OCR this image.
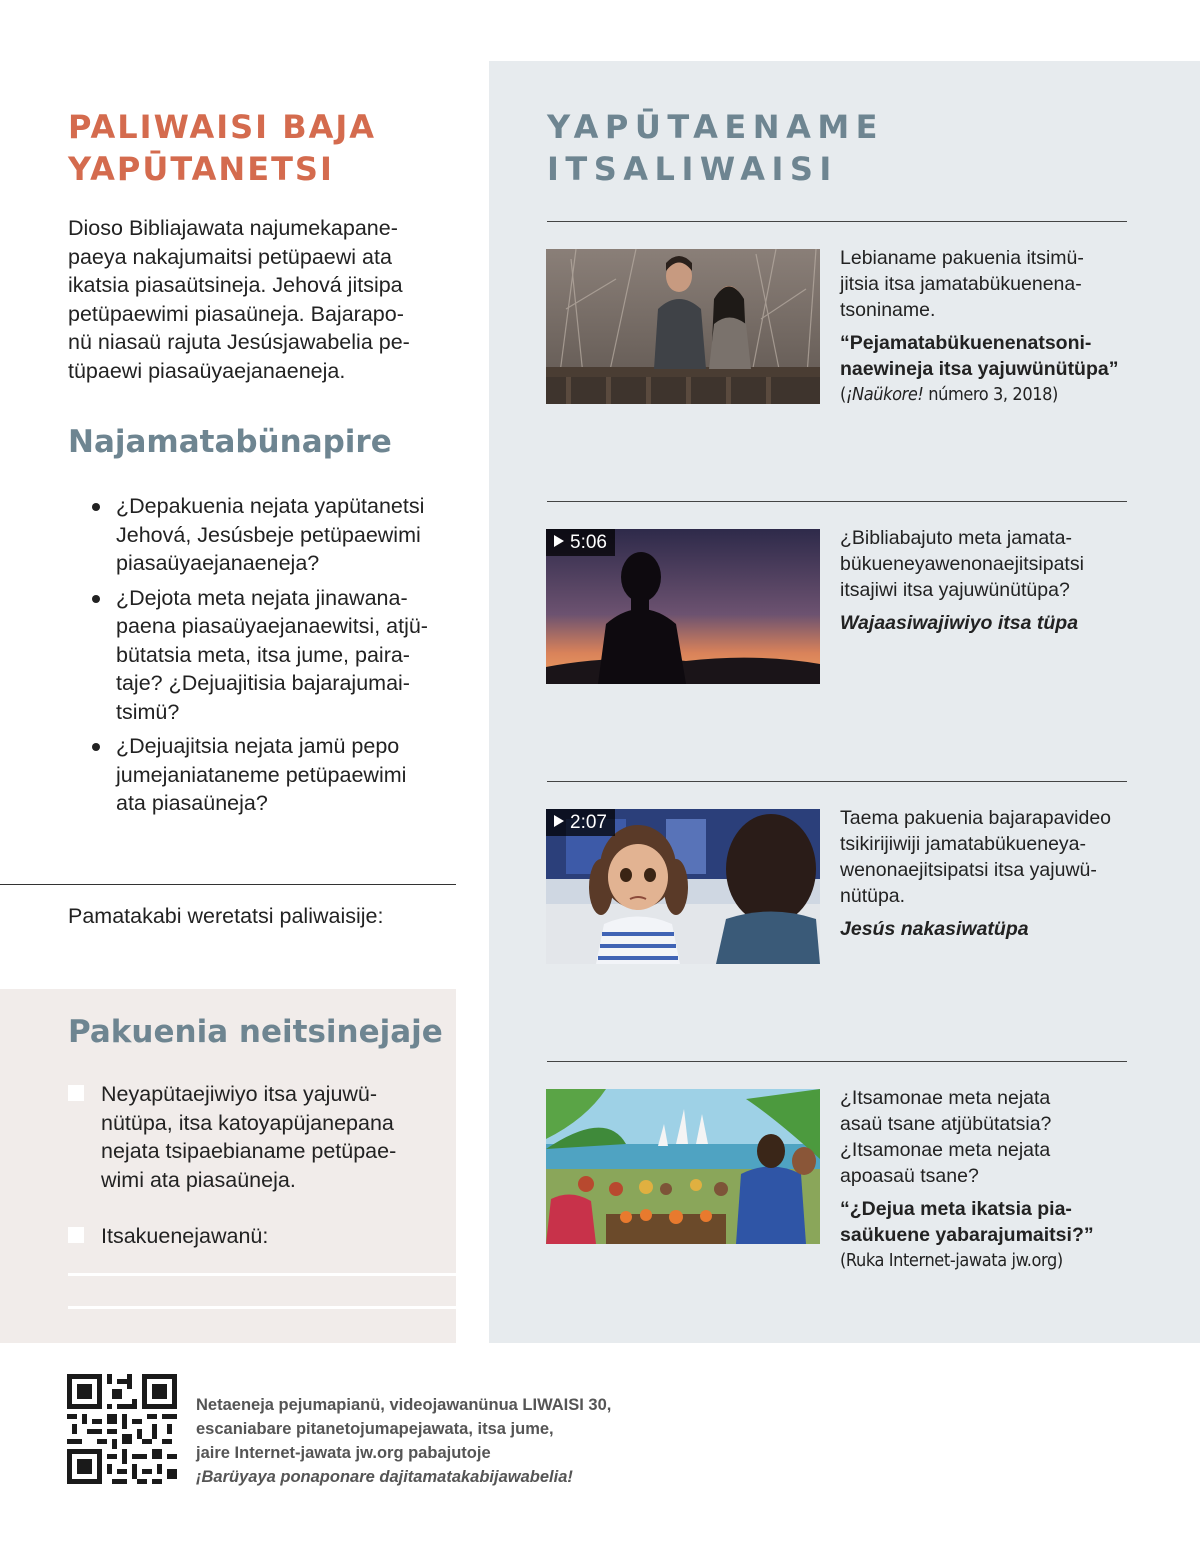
PALIWAISI BAJA
YAPŪTANETSI
Dioso Bibliajawata najumekapane-
paeya nakajumaitsi petüpaewi ata
ikatsia piasaütsineja. Jehová jitsipa
petüpaewimi piasaüneja. Bajarapo-
nü niasaü rajuta Jesúsjawabelia pe-
tüpaewi piasaüyaejanaeneja.
Najamatabünapire
¿Depakuenia nejata yapütanetsi
Jehová, Jesúsbeje petüpaewimi
piasaüyaejanaeneja?
¿Dejota meta nejata jinawana-
paena piasaüyaejanaewitsi, atjü-
bütatsia meta, itsa jume, paira-
taje? ¿Dejuajitisia bajarajumai-
tsimü?
¿Dejuajitsia nejata jamü pepo
jumejaniataneme petüpaewimi
ata piasaüneja?
Pamatakabi weretatsi paliwaisije:
Pakuenia neitsinejaje
Neyapütaejiwiyo itsa yajuwü-
nütüpa, itsa katoyapüjanepana
nejata tsipaebianame petüpae-
wimi ata piasaüneja.
Itsakuenejawanü:
YAPŪTAENAME
ITSALIWAISI
Lebianame pakuenia itsimü-
jitsia itsa jamatabükuenena-
tsoniname.
“Pejamatabükuenenatsoni-
naewineja itsa yajuwünütüpa”
(¡Naükore! número 3, 2018)
5:06	¿Bibliabajuto meta jamata-
bükueneyawenonaejitsipatsi
itsajiwi itsa yajuwünütüpa?
Wajaasiwajiwiyo itsa tüpa
2:07	Taema pakuenia bajarapavideo
tsikirijiwiji jamatabükueneya-
wenonaejitsipatsi itsa yajuwü-
nütüpa.
Jesús nakasiwatüpa
¿Itsamonae meta nejata
asaü tsane atjübütatsia?
¿Itsamonae meta nejata
apoasaü tsane?
“¿Dejua meta ikatsia pia-
saükuene yabarajumaitsi?”
(Ruka Internet-jawata jw.org)
Netaeneja pejumapianü, videojawanünua LIWAISI 30,
escaniabare pitanetojumapejawata, itsa jume,
jaire Internet-jawata jw.org pabajutoje
¡Barüyaya ponaponare dajitamatakabijawabelia!
